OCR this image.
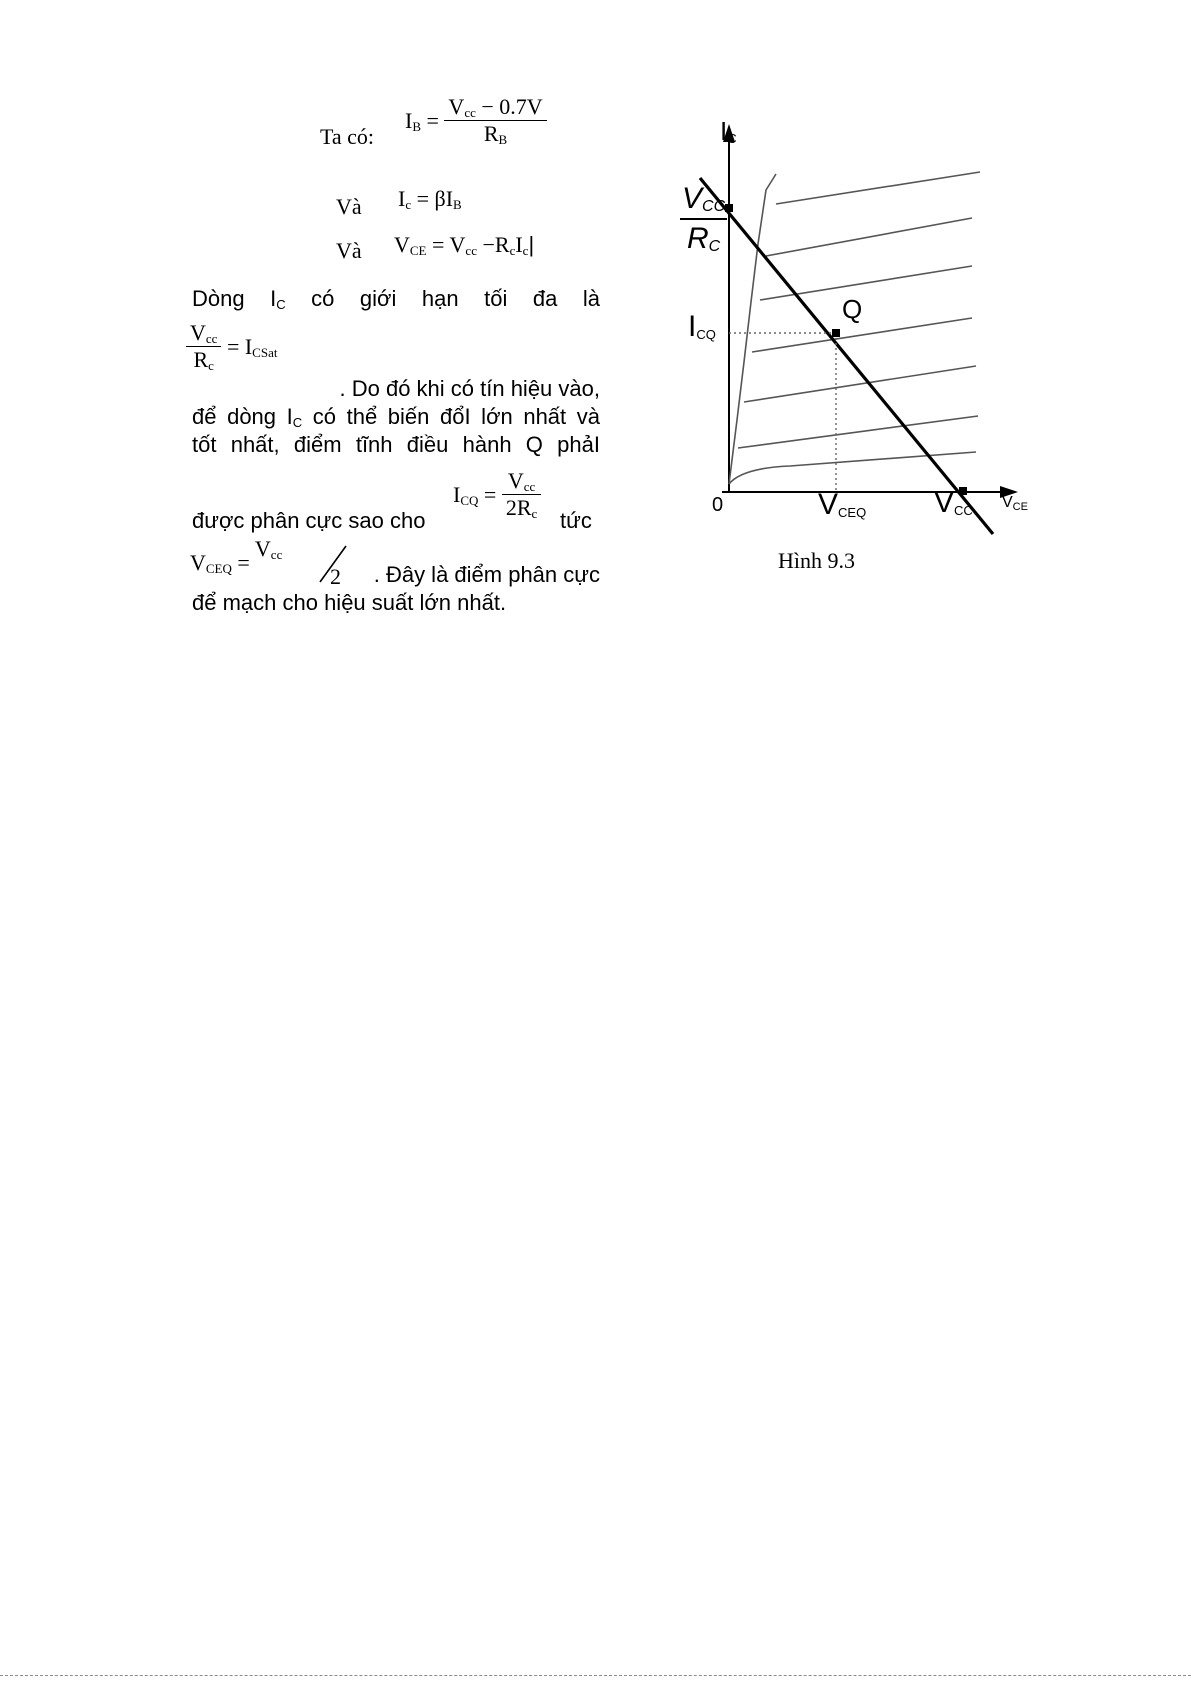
Ta có:
$I_B = \frac{V_{cc} - 0.7V}{R_B}$
Và $I_c = \beta I_B$
Và $V_{CE} = V_{cc} -R_cI_c|$
Dòng $I_C$ có giới hạn tối đa là
$\frac{V_{cc}}{R_c} = I_{CSat}$
. Do đó khi có tín hiệu vào,
để dòng $I_C$ có thể biến đổI lớn nhất và
tốt nhất, điểm tĩnh điều hành Q phảI
$I_{CQ} = \frac{V_{cc}}{2R_c}$
được phân cực sao cho	tức
$V_{CEQ} = V_{cc}$
2	. Đây là điểm phân cực
để mạch cho hiệu suất lớn nhất.
$I_C$
$V_{CE}$
0
$V_{CC}$
$R_C$
$I_{CQ}$
Q
$V_{CEQ}$ $V_{CC}$
Hình 9.3
